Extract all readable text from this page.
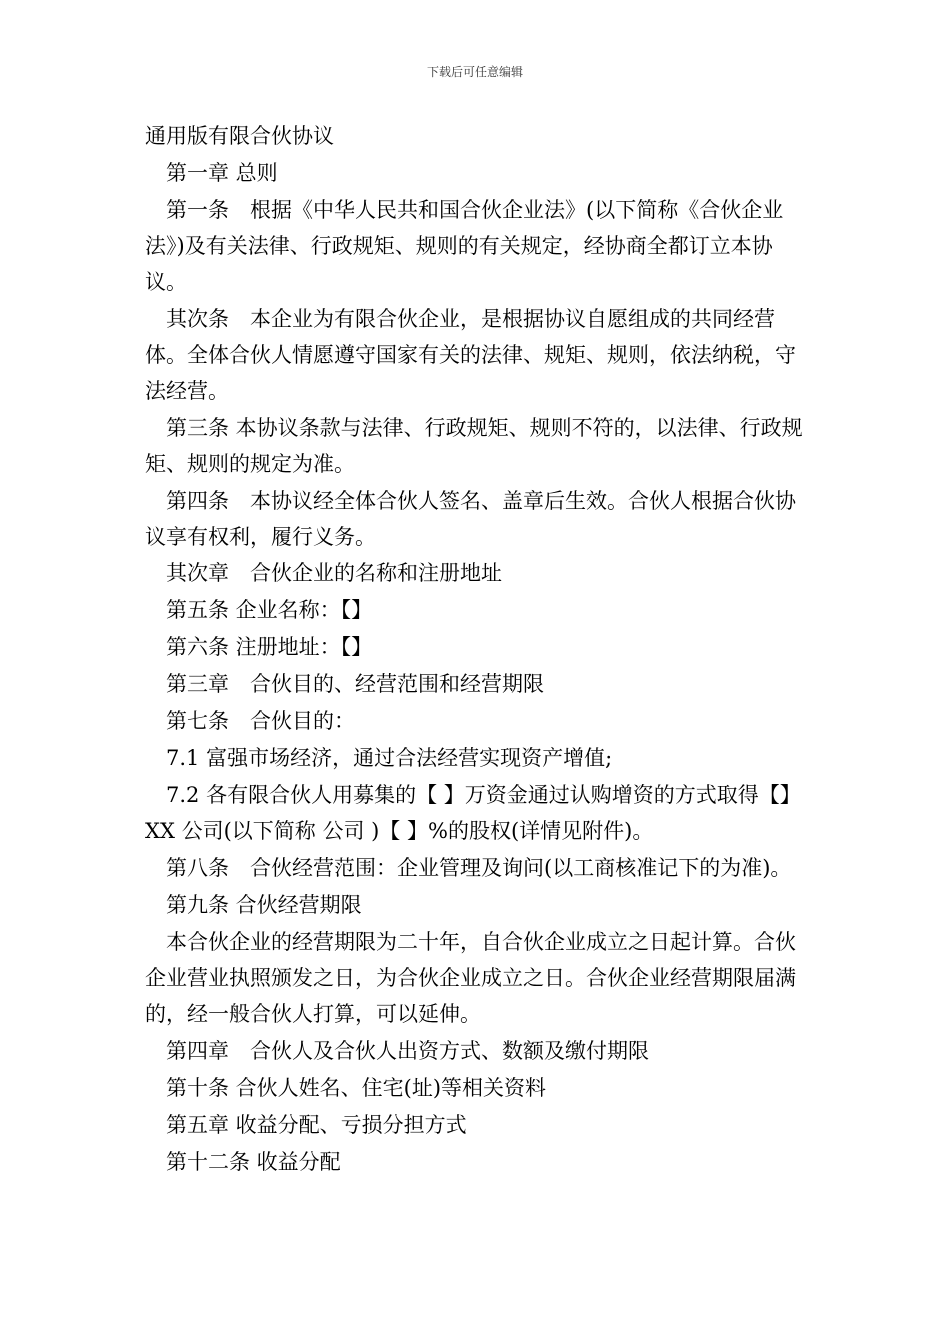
下载后可任意编辑

通用版有限合伙协议

第一章 总则

第一条　根据《中华人民共和国合伙企业法》(以下简称《合伙企业法》)及有关法律、行政规矩、规则的有关规定，经协商全都订立本协议。

其次条　本企业为有限合伙企业，是根据协议自愿组成的共同经营体。全体合伙人情愿遵守国家有关的法律、规矩、规则，依法纳税，守法经营。

第三条 本协议条款与法律、行政规矩、规则不符的，以法律、行政规矩、规则的规定为准。

第四条　本协议经全体合伙人签名、盖章后生效。合伙人根据合伙协议享有权利，履行义务。

其次章　合伙企业的名称和注册地址

第五条 企业名称：【】

第六条 注册地址：【】

第三章　合伙目的、经营范围和经营期限

第七条　合伙目的：

7.1 富强市场经济，通过合法经营实现资产增值;

7.2 各有限合伙人用募集的【 】万资金通过认购增资的方式取得【】XX 公司(以下简称 公司 )【 】%的股权(详情见附件)。

第八条　合伙经营范围：企业管理及询问(以工商核准记下的为准)。

第九条 合伙经营期限

本合伙企业的经营期限为二十年，自合伙企业成立之日起计算。合伙企业营业执照颁发之日，为合伙企业成立之日。合伙企业经营期限届满的，经一般合伙人打算，可以延伸。

第四章　合伙人及合伙人出资方式、数额及缴付期限

第十条 合伙人姓名、住宅(址)等相关资料

第五章 收益分配、亏损分担方式

第十二条 收益分配
